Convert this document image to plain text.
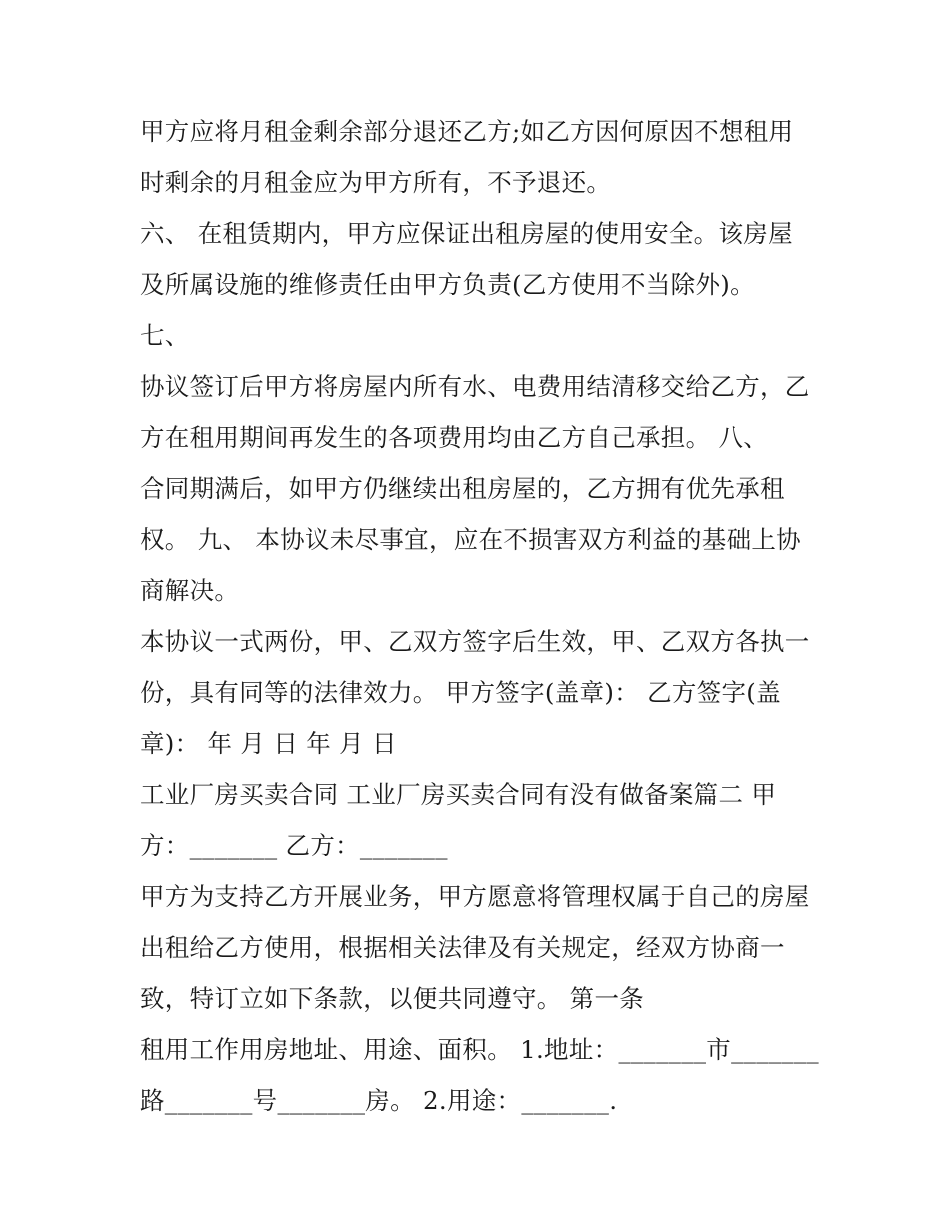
甲方应将月租金剩余部分退还乙方;如乙方因何原因不想租用
时剩余的月租金应为甲方所有，不予退还。
六、 在租赁期内，甲方应保证出租房屋的使用安全。该房屋
及所属设施的维修责任由甲方负责(乙方使用不当除外)。
七、
协议签订后甲方将房屋内所有水、电费用结清移交给乙方，乙
方在租用期间再发生的各项费用均由乙方自己承担。 八、
合同期满后，如甲方仍继续出租房屋的，乙方拥有优先承租
权。 九、 本协议未尽事宜，应在不损害双方利益的基础上协
商解决。
本协议一式两份，甲、乙双方签字后生效，甲、乙双方各执一
份，具有同等的法律效力。 甲方签字(盖章)： 乙方签字(盖
章)： 年 月 日 年 月 日
工业厂房买卖合同 工业厂房买卖合同有没有做备案篇二 甲
方：_______ 乙方：_______
甲方为支持乙方开展业务，甲方愿意将管理权属于自己的房屋
出租给乙方使用，根据相关法律及有关规定，经双方协商一
致，特订立如下条款，以便共同遵守。 第一条
租用工作用房地址、用途、面积。 1.地址：_______市_______
路_______号_______房。 2.用途：_______.
